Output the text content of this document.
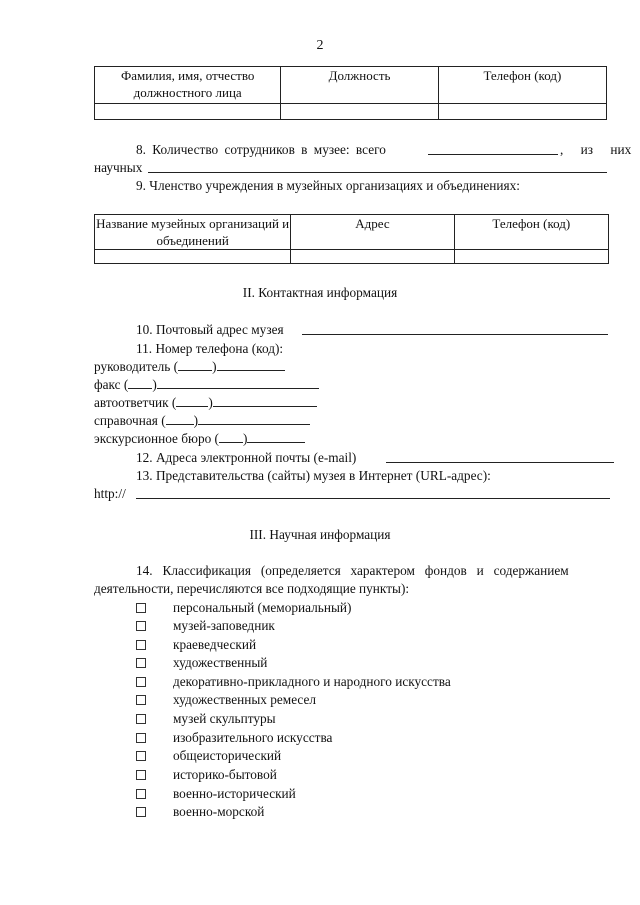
2
Фамилия, имя, отчество должностного лица	Должность	Телефон (код)

8. Количество сотрудников в музее: всего	, из них
научных
9. Членство учреждения в музейных организациях и объединениях:
Название музейных организаций и объединений	Адрес	Телефон (код)

II. Контактная информация
10. Почтовый адрес музея
11. Номер телефона (код):
руководитель (	)
факс ( )
автоответчик ( )
справочная ( )
экскурсионное бюро ( )
12. Адреса электронной почты (e-mail)
13. Представительства (сайты) музея в Интернет (URL-адрес):
http://
III. Научная информация
14. Классификация (определяется характером фондов и содержанием
деятельности, перечисляются все подходящие пункты):
персональный (мемориальный)
музей-заповедник
краеведческий
художественный
декоративно-прикладного и народного искусства
художественных ремесел
музей скульптуры
изобразительного искусства
общеисторический
историко-бытовой
военно-исторический
военно-морской
